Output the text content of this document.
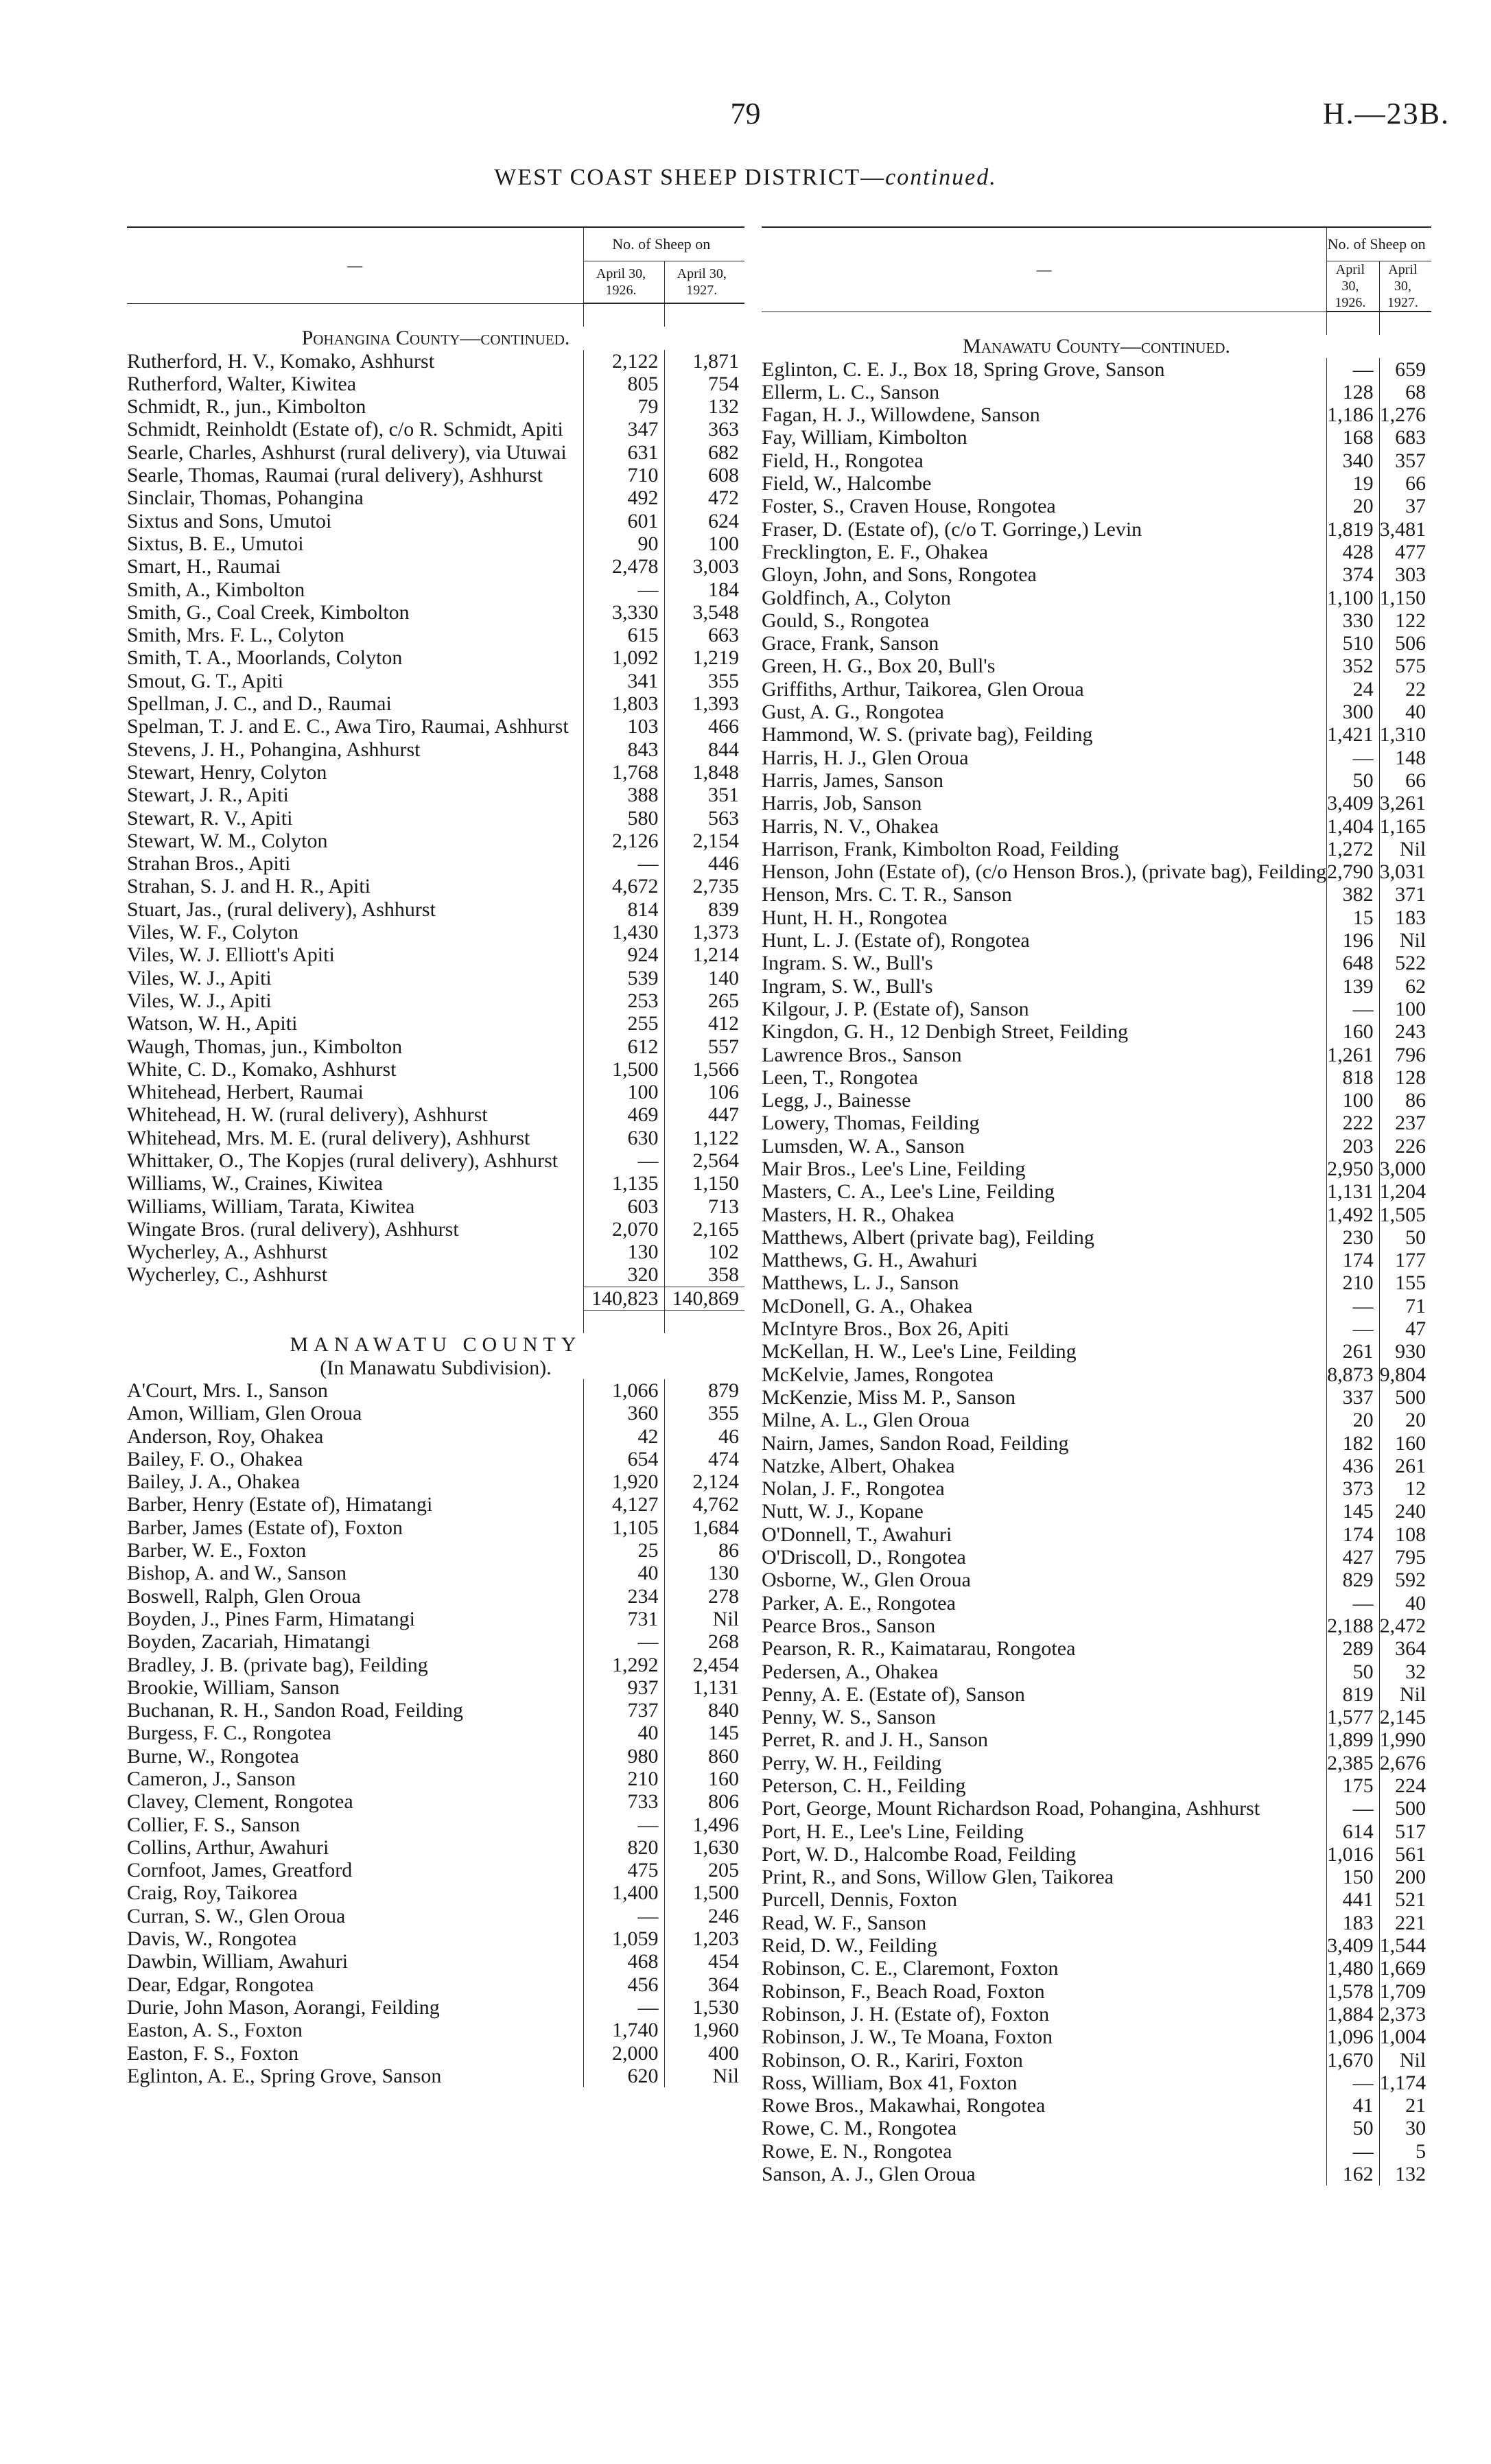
79	H.—23B.
WEST COAST SHEEP DISTRICT—continued.
—	No. of Sheep on	
	April 30, 1926.	April 30, 1927.

Pohangina County—continued.		
Rutherford, H. V., Komako, Ashhurst	2,122	1,871
Rutherford, Walter, Kiwitea	805	754
Schmidt, R., jun., Kimbolton	79	132
Schmidt, Reinholdt (Estate of), c/o R. Schmidt, Apiti	347	363
Searle, Charles, Ashhurst (rural delivery), via Utuwai	631	682
Searle, Thomas, Raumai (rural delivery), Ashhurst	710	608
Sinclair, Thomas, Pohangina	492	472
Sixtus and Sons, Umutoi	601	624
Sixtus, B. E., Umutoi	90	100
Smart, H., Raumai	2,478	3,003
Smith, A., Kimbolton	—	184
Smith, G., Coal Creek, Kimbolton	3,330	3,548
Smith, Mrs. F. L., Colyton	615	663
Smith, T. A., Moorlands, Colyton	1,092	1,219
Smout, G. T., Apiti	341	355
Spellman, J. C., and D., Raumai	1,803	1,393
Spelman, T. J. and E. C., Awa Tiro, Raumai, Ashhurst	103	466
Stevens, J. H., Pohangina, Ashhurst	843	844
Stewart, Henry, Colyton	1,768	1,848
Stewart, J. R., Apiti	388	351
Stewart, R. V., Apiti	580	563
Stewart, W. M., Colyton	2,126	2,154
Strahan Bros., Apiti	—	446
Strahan, S. J. and H. R., Apiti	4,672	2,735
Stuart, Jas., (rural delivery), Ashhurst	814	839
Viles, W. F., Colyton	1,430	1,373
Viles, W. J. Elliott's Apiti	924	1,214
Viles, W. J., Apiti	539	140
Viles, W. J., Apiti	253	265
Watson, W. H., Apiti	255	412
Waugh, Thomas, jun., Kimbolton	612	557
White, C. D., Komako, Ashhurst	1,500	1,566
Whitehead, Herbert, Raumai	100	106
Whitehead, H. W. (rural delivery), Ashhurst	469	447
Whitehead, Mrs. M. E. (rural delivery), Ashhurst	630	1,122
Whittaker, O., The Kopjes (rural delivery), Ashhurst	—	2,564
Williams, W., Craines, Kiwitea	1,135	1,150
Williams, William, Tarata, Kiwitea	603	713
Wingate Bros. (rural delivery), Ashhurst	2,070	2,165
Wycherley, A., Ashhurst	130	102
Wycherley, C., Ashhurst	320	358
	140,823	140,869

MANAWATU COUNTY		
(In Manawatu Subdivision).		
A'Court, Mrs. I., Sanson	1,066	879
Amon, William, Glen Oroua	360	355
Anderson, Roy, Ohakea	42	46
Bailey, F. O., Ohakea	654	474
Bailey, J. A., Ohakea	1,920	2,124
Barber, Henry (Estate of), Himatangi	4,127	4,762
Barber, James (Estate of), Foxton	1,105	1,684
Barber, W. E., Foxton	25	86
Bishop, A. and W., Sanson	40	130
Boswell, Ralph, Glen Oroua	234	278
Boyden, J., Pines Farm, Himatangi	731	Nil
Boyden, Zacariah, Himatangi	—	268
Bradley, J. B. (private bag), Feilding	1,292	2,454
Brookie, William, Sanson	937	1,131
Buchanan, R. H., Sandon Road, Feilding	737	840
Burgess, F. C., Rongotea	40	145
Burne, W., Rongotea	980	860
Cameron, J., Sanson	210	160
Clavey, Clement, Rongotea	733	806
Collier, F. S., Sanson	—	1,496
Collins, Arthur, Awahuri	820	1,630
Cornfoot, James, Greatford	475	205
Craig, Roy, Taikorea	1,400	1,500
Curran, S. W., Glen Oroua	—	246
Davis, W., Rongotea	1,059	1,203
Dawbin, William, Awahuri	468	454
Dear, Edgar, Rongotea	456	364
Durie, John Mason, Aorangi, Feilding	—	1,530
Easton, A. S., Foxton	1,740	1,960
Easton, F. S., Foxton	2,000	400
Eglinton, A. E., Spring Grove, Sanson	620	Nil
—	No. of Sheep on	
	April 30, 1926.	April 30, 1927.

Manawatu County—continued.		
Eglinton, C. E. J., Box 18, Spring Grove, Sanson	—	659
Ellerm, L. C., Sanson	128	68
Fagan, H. J., Willowdene, Sanson	1,186	1,276
Fay, William, Kimbolton	168	683
Field, H., Rongotea	340	357
Field, W., Halcombe	19	66
Foster, S., Craven House, Rongotea	20	37
Fraser, D. (Estate of), (c/o T. Gorringe,) Levin	1,819	3,481
Frecklington, E. F., Ohakea	428	477
Gloyn, John, and Sons, Rongotea	374	303
Goldfinch, A., Colyton	1,100	1,150
Gould, S., Rongotea	330	122
Grace, Frank, Sanson	510	506
Green, H. G., Box 20, Bull's	352	575
Griffiths, Arthur, Taikorea, Glen Oroua	24	22
Gust, A. G., Rongotea	300	40
Hammond, W. S. (private bag), Feilding	1,421	1,310
Harris, H. J., Glen Oroua	—	148
Harris, James, Sanson	50	66
Harris, Job, Sanson	3,409	3,261
Harris, N. V., Ohakea	1,404	1,165
Harrison, Frank, Kimbolton Road, Feilding	1,272	Nil
Henson, John (Estate of), (c/o Henson Bros.), (private bag), Feilding	2,790	3,031
Henson, Mrs. C. T. R., Sanson	382	371
Hunt, H. H., Rongotea	15	183
Hunt, L. J. (Estate of), Rongotea	196	Nil
Ingram. S. W., Bull's	648	522
Ingram, S. W., Bull's	139	62
Kilgour, J. P. (Estate of), Sanson	—	100
Kingdon, G. H., 12 Denbigh Street, Feilding	160	243
Lawrence Bros., Sanson	1,261	796
Leen, T., Rongotea	818	128
Legg, J., Bainesse	100	86
Lowery, Thomas, Feilding	222	237
Lumsden, W. A., Sanson	203	226
Mair Bros., Lee's Line, Feilding	2,950	3,000
Masters, C. A., Lee's Line, Feilding	1,131	1,204
Masters, H. R., Ohakea	1,492	1,505
Matthews, Albert (private bag), Feilding	230	50
Matthews, G. H., Awahuri	174	177
Matthews, L. J., Sanson	210	155
McDonell, G. A., Ohakea	—	71
McIntyre Bros., Box 26, Apiti	—	47
McKellan, H. W., Lee's Line, Feilding	261	930
McKelvie, James, Rongotea	8,873	9,804
McKenzie, Miss M. P., Sanson	337	500
Milne, A. L., Glen Oroua	20	20
Nairn, James, Sandon Road, Feilding	182	160
Natzke, Albert, Ohakea	436	261
Nolan, J. F., Rongotea	373	12
Nutt, W. J., Kopane	145	240
O'Donnell, T., Awahuri	174	108
O'Driscoll, D., Rongotea	427	795
Osborne, W., Glen Oroua	829	592
Parker, A. E., Rongotea	—	40
Pearce Bros., Sanson	2,188	2,472
Pearson, R. R., Kaimatarau, Rongotea	289	364
Pedersen, A., Ohakea	50	32
Penny, A. E. (Estate of), Sanson	819	Nil
Penny, W. S., Sanson	1,577	2,145
Perret, R. and J. H., Sanson	1,899	1,990
Perry, W. H., Feilding	2,385	2,676
Peterson, C. H., Feilding	175	224
Port, George, Mount Richardson Road, Pohangina, Ashhurst	—	500
Port, H. E., Lee's Line, Feilding	614	517
Port, W. D., Halcombe Road, Feilding	1,016	561
Print, R., and Sons, Willow Glen, Taikorea	150	200
Purcell, Dennis, Foxton	441	521
Read, W. F., Sanson	183	221
Reid, D. W., Feilding	3,409	1,544
Robinson, C. E., Claremont, Foxton	1,480	1,669
Robinson, F., Beach Road, Foxton	1,578	1,709
Robinson, J. H. (Estate of), Foxton	1,884	2,373
Robinson, J. W., Te Moana, Foxton	1,096	1,004
Robinson, O. R., Kariri, Foxton	1,670	Nil
Ross, William, Box 41, Foxton	—	1,174
Rowe Bros., Makawhai, Rongotea	41	21
Rowe, C. M., Rongotea	50	30
Rowe, E. N., Rongotea	—	5
Sanson, A. J., Glen Oroua	162	132
